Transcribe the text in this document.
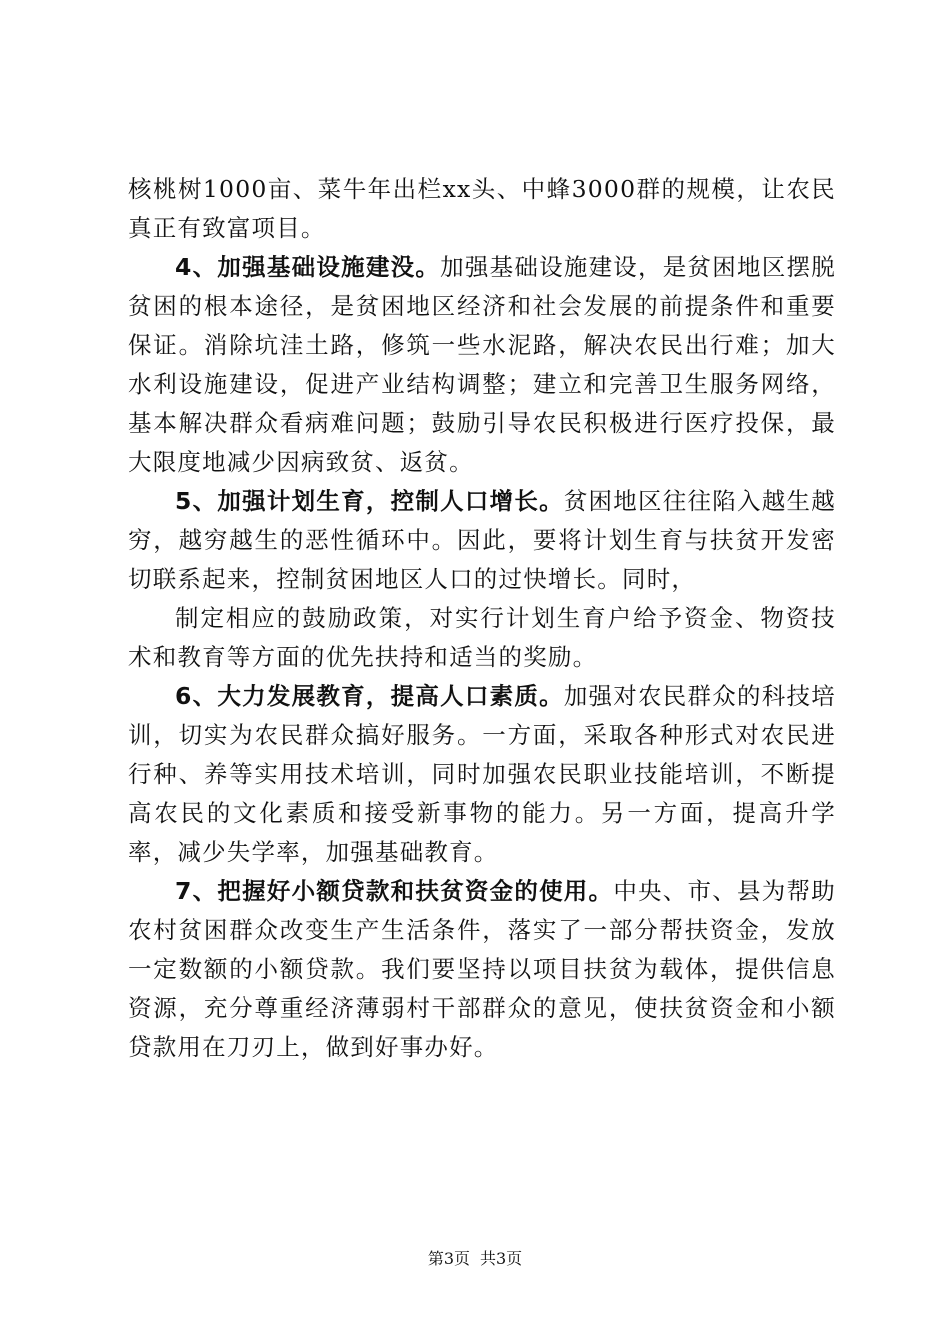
核桃树1000亩、菜牛年出栏xx头、中蜂3000群的规模，让农民真正有致富项目。

4、加强基础设施建没。加强基础设施建设，是贫困地区摆脱贫困的根本途径，是贫困地区经济和社会发展的前提条件和重要保证。消除坑洼土路，修筑一些水泥路，解决农民出行难；加大水利设施建设，促进产业结构调整；建立和完善卫生服务网络，基本解决群众看病难问题；鼓励引导农民积极进行医疗投保，最大限度地减少因病致贫、返贫。

5、加强计划生育，控制人口增长。贫困地区往往陷入越生越穷，越穷越生的恶性循环中。因此，要将计划生育与扶贫开发密切联系起来，控制贫困地区人口的过快增长。同时，

制定相应的鼓励政策，对实行计划生育户给予资金、物资技术和教育等方面的优先扶持和适当的奖励。

6、大力发展教育，提高人口素质。加强对农民群众的科技培训，切实为农民群众搞好服务。一方面，采取各种形式对农民进行种、养等实用技术培训，同时加强农民职业技能培训，不断提高农民的文化素质和接受新事物的能力。另一方面，提高升学率，减少失学率，加强基础教育。

7、把握好小额贷款和扶贫资金的使用。中央、市、县为帮助农村贫困群众改变生产生活条件，落实了一部分帮扶资金，发放一定数额的小额贷款。我们要坚持以项目扶贫为载体，提供信息资源，充分尊重经济薄弱村干部群众的意见，使扶贫资金和小额贷款用在刀刃上，做到好事办好。

第3页 共3页
